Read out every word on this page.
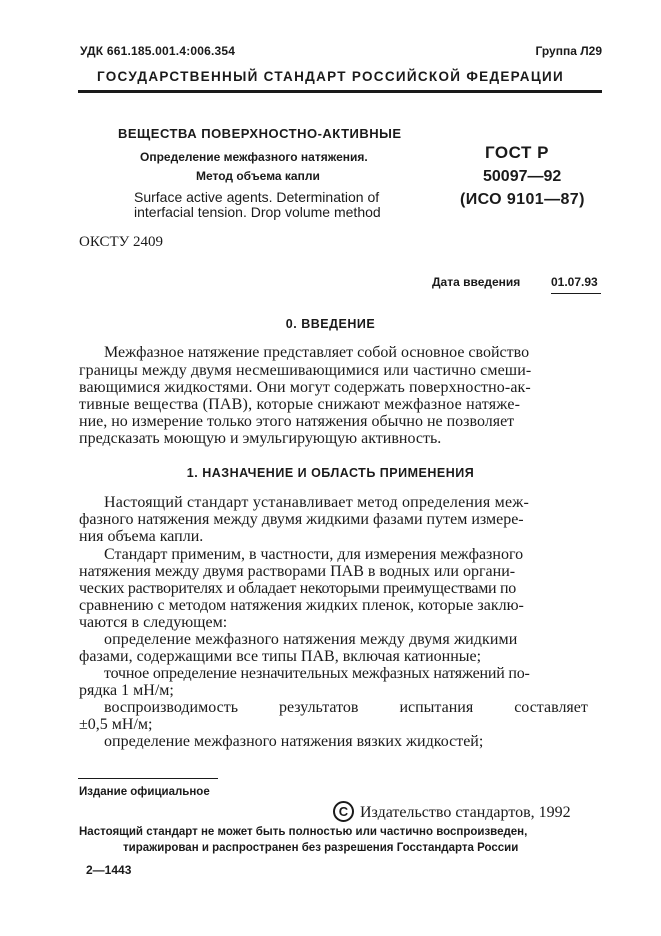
УДК 661.185.001.4:006.354	Группа Л29
ГОСУДАРСТВЕННЫЙ СТАНДАРТ РОССИЙСКОЙ ФЕДЕРАЦИИ
ВЕЩЕСТВА ПОВЕРХНОСТНО-АКТИВНЫЕ
Определение межфазного натяжения.
Метод объема капли
Surface active agents. Determination of
interfacial tension. Drop volume method
ГОСТ Р
50097—92
(ИСО 9101—87)
ОКСТУ 2409
Дата введения	01.07.93
0. ВВЕДЕНИЕ
Межфазное натяжение представляет собой основное свойство
границы между двумя несмешивающимися или частично смеши-
вающимися жидкостями. Они могут содержать поверхностно-ак-
тивные вещества (ПАВ), которые снижают межфазное натяже-
ние, но измерение только этого натяжения обычно не позволяет
предсказать моющую и эмульгирующую активность.
1. НАЗНАЧЕНИЕ И ОБЛАСТЬ ПРИМЕНЕНИЯ
Настоящий стандарт устанавливает метод определения меж-
фазного натяжения между двумя жидкими фазами путем измере-
ния объема капли.
Стандарт применим, в частности, для измерения межфазного
натяжения между двумя растворами ПАВ в водных или органи-
ческих растворителях и обладает некоторыми преимуществами по
сравнению с методом натяжения жидких пленок, которые заклю-
чаются в следующем:
определение межфазного натяжения между двумя жидкими
фазами, содержащими все типы ПАВ, включая катионные;
точное определение незначительных межфазных натяжений по-
рядка 1 мН/м;
воспроизводимость результатов испытания составляет
±0,5 мН/м;
определение межфазного натяжения вязких жидкостей;
Издание официальное
C Издательство стандартов, 1992
Настоящий стандарт не может быть полностью или частично воспроизведен,
тиражирован и распространен без разрешения Госстандарта России
2—1443
